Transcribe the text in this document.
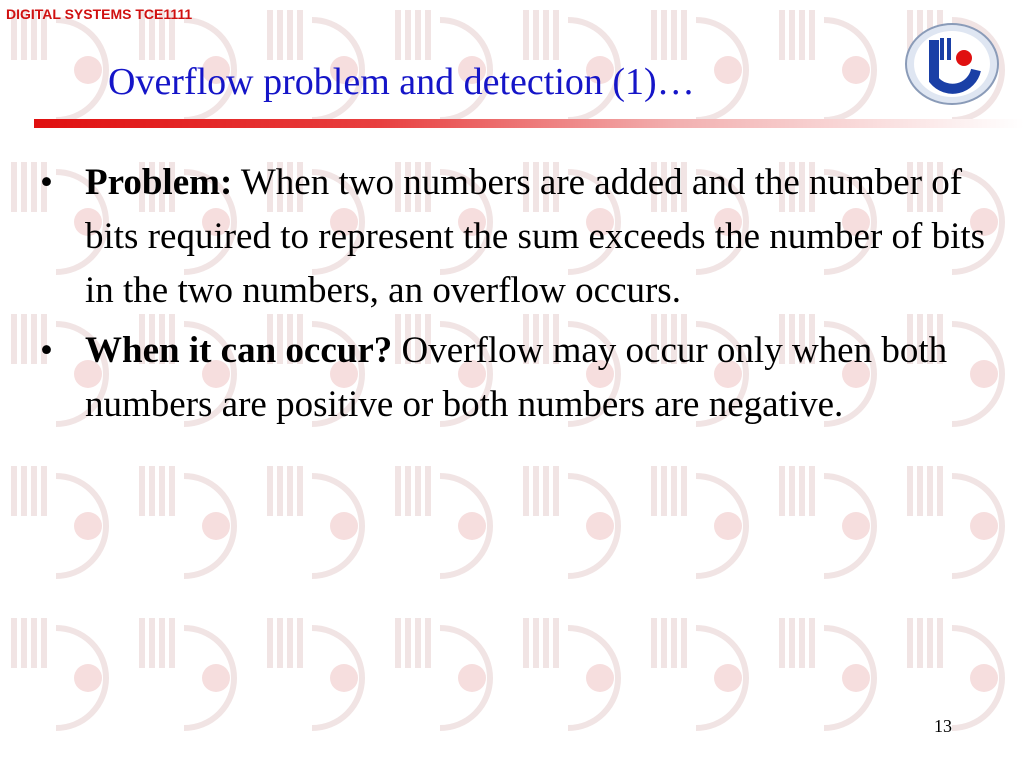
DIGITAL SYSTEMS TCE1111
Overflow problem and detection (1)…
• Problem: When two numbers are added and the number of bits required to represent the sum exceeds the number of bits in the two numbers, an overflow occurs.
• When it can occur? Overflow may occur only when both numbers are positive or both numbers are negative.
13
